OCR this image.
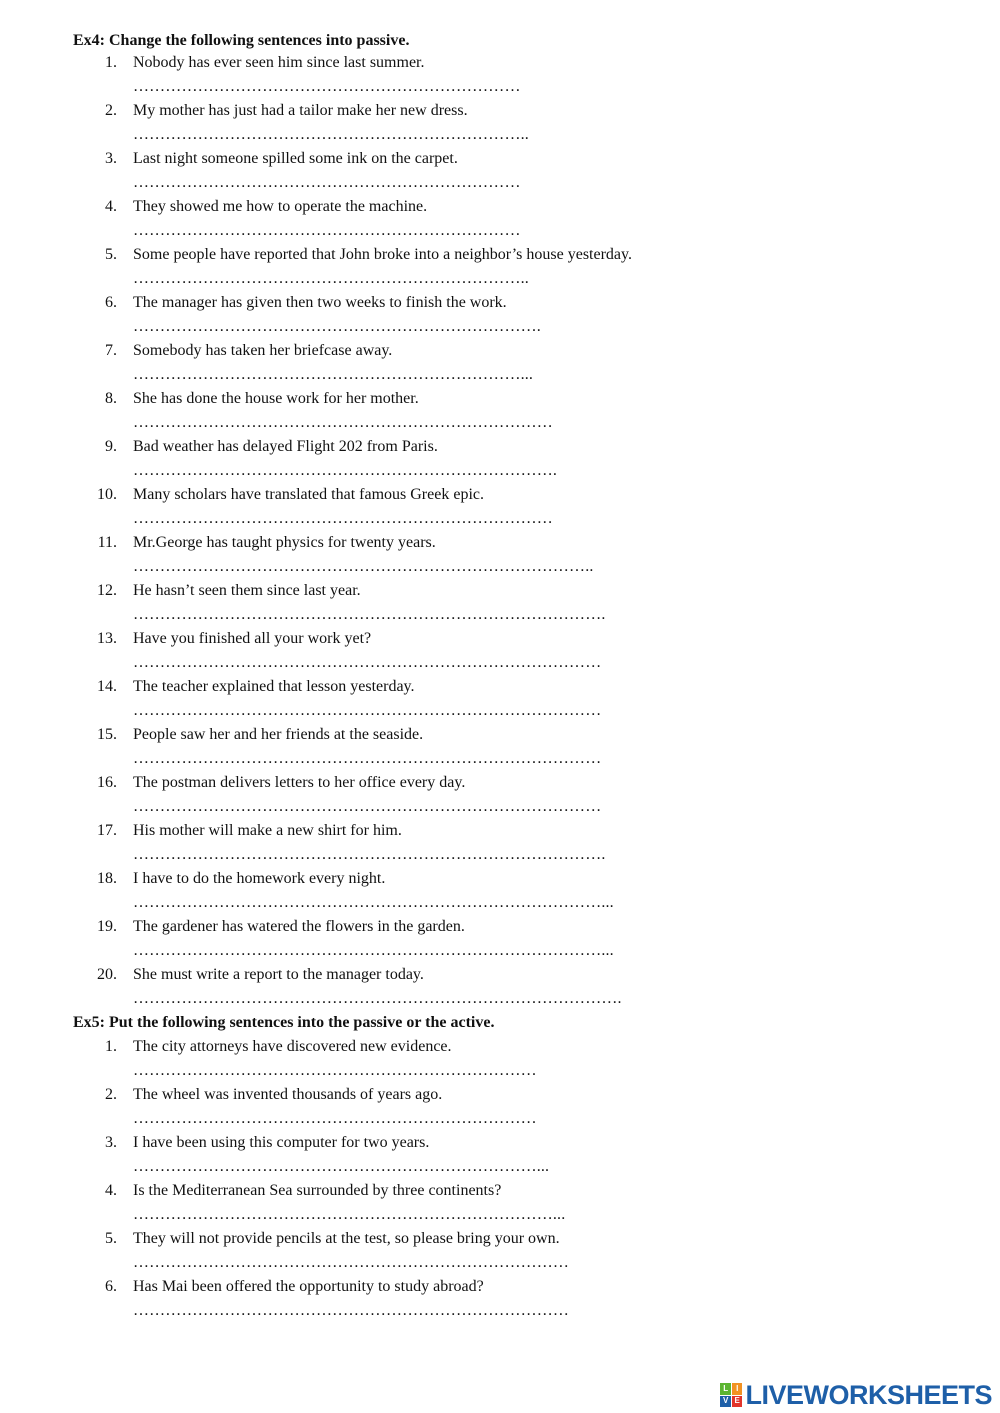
Ex4: Change the following sentences into passive.
1. Nobody has ever seen him since last summer.
………………………………………………………………
2. My mother has just had a tailor make her new dress.
………………………………………………………………..
3. Last night someone spilled some ink on the carpet.
………………………………………………………………
4. They showed me how to operate the machine.
………………………………………………………………
5. Some people have reported that John broke into a neighbor’s house yesterday.
………………………………………………………………..
6. The manager has given then two weeks to finish the work.
………………………………………………………………….
7. Somebody has taken her briefcase away.
………………………………………………………………...
8. She has done the house work for her mother.
……………………………………………………………………
9. Bad weather has delayed Flight 202 from Paris.
…………………………………………………………………….
10. Many scholars have translated that famous Greek epic.
……………………………………………………………………
11. Mr.George has taught physics for twenty years.
…………………………………………………………………………..
12. He hasn’t seen them since last year.
…………………………………………………………………………….
13. Have you finished all your work yet?
……………………………………………………………………………
14. The teacher explained that lesson yesterday.
……………………………………………………………………………
15. People saw her and her friends at the seaside.
……………………………………………………………………………
16. The postman delivers letters to her office every day.
……………………………………………………………………………
17. His mother will make a new shirt for him.
…………………………………………………………………………….
18. I have to do the homework every night.
……………………………………………………………………………...
19. The gardener has watered the flowers in the garden.
……………………………………………………………………………...
20. She must write a report to the manager today.
……………………………………………………………………………….
Ex5: Put the following sentences into the passive or the active.
1. The city attorneys have discovered new evidence.
…………………………………………………………………
2. The wheel was invented thousands of years ago.
…………………………………………………………………
3. I have been using this computer for two years.
…………………………………………………………………...
4. Is the Mediterranean Sea surrounded by three continents?
……………………………………………………………………...
5. They will not provide pencils at the test, so please bring your own.
………………………………………………………………………
6. Has Mai been offered the opportunity to study abroad?
………………………………………………………………………
L I
V E LIVEWORKSHEETS
